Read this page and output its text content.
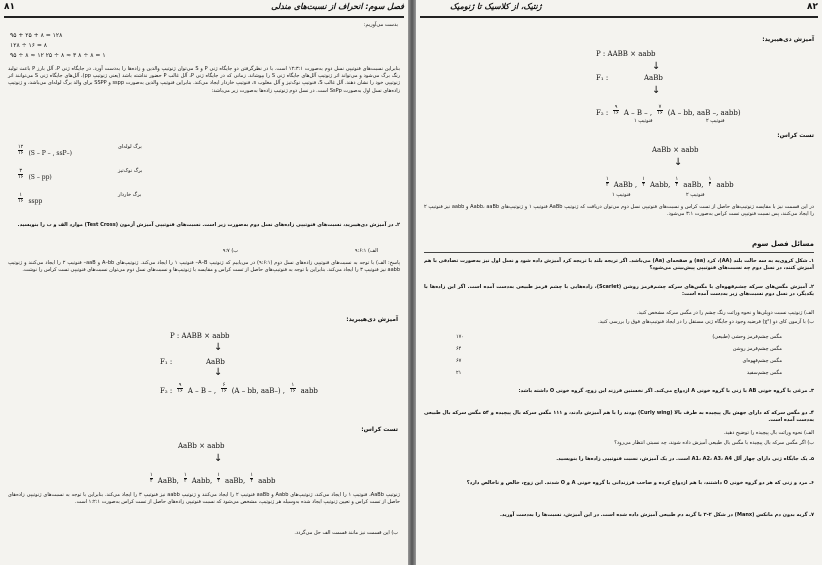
فصل سوم: انحراف از نسبت‌های مندلی
۸۱
بدست می‌آوریم:
۹۵ + ۲۵ + ۸ = ۱۲۸
۱۲۸ ÷ ۱۶ = ۸
۹۵ ÷ ۸ ≈ ۱۲ ۲۵ ÷ ۸ ≈ ۳ ۸ ÷ ۸ = ۱
بنابراین نسبت‌های فنوتیپی نسل دوم به‌صورت ۱۲:۳:۱ است. با در نظرگرفتن دو جایگاه ژنی P و S می‌توان ژنوتیپ والدین و زاده‌ها را به‌دست آورد. در جایگاه ژنی P، آلل بارز P باعث تولید رنگ برگ می‌شود و می‌تواند اثر ژنوتیپ آلل‌های جایگاه ژنی S را بپوشاند. زمانی که در جایگاه ژنی P، آلل غالب P حضور نداشته باشد (یعنی ژنوتیپ pp)، آلل‌های جایگاه ژنی S می‌توانند اثر ژنوتیپی خود را نشان دهند. آلل غالب S، فنوتیپ نوک‌تیز و آلل مغلوب s، فنوتیپ خاردار ایجاد می‌کند. بنابراین فنوتیپ والدین به‌صورت sspp و SSPP برای والد برگ لوله‌ای می‌باشد، و ژنوتیپ زاده‌های نسل اول به‌صورت SsPp است. در نسل دوم ژنوتیپ زاده‌ها به‌صورت زیر می‌باشد:
$\frac{۱۲}{۱۶} (S$ – P – , ssP–)
برگ لوله‌ای
$\frac{۳}{۱۶} (S - pp)$
برگ نوک‌تیز
$\frac{۱}{۱۶}$ sspp
برگ خاردار
۲ـ در آمیزش دی‌هیبرید، نسبت‌های فنوتیپی زاده‌های نسل دوم به‌صورت زیر است. نسبت‌های فنوتیپی آمیزش آزمون (Test Cross) موارد الف و ب را بنویسید.
الف) ۹:۶:۱
ب) ۹:۷
پاسخ: الف) با توجه به نسبت‌های فنوتیپی زاده‌های نسل دوم (۹:۶:۱) در می‌یابیم که ژنوتیپ A–B– فنوتیپ ۱ را ایجاد می‌کند. ژنوتیپ‌های A–bb و aaB– فنوتیپ ۲ را ایجاد می‌کنند و ژنوتیپ aabb نیز فنوتیپ ۳ را ایجاد می‌کند. بنابراین با توجه به فنوتیپ‌های حاصل از تست کراس و مقایسه با ژنوتیپ‌ها و نسبت‌های نسل دوم می‌توان نسبت‌های فنوتیپی تست کراس را نوشت.
آمیزش دی‌هیبرید:
P : AABB × aabb
↓
F₁ :	AaBb
↓
F₂ : $\frac{۹}{۱۶}$ A – B – , $\frac{۶}{۱۶} (A$ – bb, aaB–) , $\frac{۱}{۱۶}$ aabb
تست کراس:
AaBb × aabb
↓
$\frac{۱}{۴}$ AaBb, $\frac{۱}{۴}$ Aabb, $\frac{۱}{۴}$ aaBb, $\frac{۱}{۴}$ aabb
ژنوتیپ AaBb، فنوتیپ ۱ را ایجاد می‌کند، ژنوتیپ‌های Aabb و aaBb فنوتیپ ۲ را ایجاد می‌کنند و ژنوتیپ aabb نیز فنوتیپ ۳ را ایجاد می‌کند. بنابراین با توجه به نسبت‌های ژنوتیپی زاده‌های حاصل از تست کراس و تعیین ژنوتیپ ایجاد شده به‌وسیله هر ژنوتیپ، مشخص می‌شود که نسبت فنوتیپی زاده‌های حاصل از تست کراس به‌صورت ۱:۲:۱ است.
ب) این قسمت نیز مانند قسمت الف حل می‌گردد.
ژنتیک، از کلاسیک تا ژنومیک	۸۲
آمیزش دی‌هیبرید:
P : AABB × aabb
↓
F₁ :	AaBb
↓
F₂ : $\frac{۹}{۱۶}$ A – B – , $\frac{۷}{۱۶} (A$ – bb, aaB –, aabb)
فنوتیپ ۱	فنوتیپ ۲
تست کراس:
AaBb × aabb
↓
$\frac{۱}{۴}$ AaBb , $\frac{۱}{۴}$ Aabb, $\frac{۱}{۴}$ aaBb, $\frac{۱}{۴}$ aabb
فنوتیپ ۱	فنوتیپ ۲
در این قسمت نیز با مقایسه ژنوتیپ‌های حاصل از تست کراس و نسبت‌های فنوتیپی نسل دوم می‌توان دریافت که ژنوتیپ AaBb فنوتیپ ۱ و ژنوتیپ‌های Aabb، aaBb و aabb نیز فنوتیپ ۲ را ایجاد می‌کنند، پس نسبت فنوتیپی تست کراس به‌صورت ۳:۱ می‌شود.
مسائل فصل سوم
۱ـ شکل کروی‌یه به سه حالت بلند (AA)، کرد (aa) و صفحه‌ای (Aa) می‌باشد. اگر تریجه بلند با تریجه کرد آمیزش داده شود و نسل اول نیز به‌صورت تصادفی با هم آمیزش کنند، در نسل دوم چه نسبت‌های فنوتیپی پیش‌بینی می‌شود؟
۲ـ آمیزش مگس‌های سرکه چشم‌قهوه‌ای با مگس‌های سرکه چشم‌قرمز روشن (Scarlet)، زاده‌هایی با چشم قرمز طبیعی به‌دست آمده است. اگر این زاده‌ها با یکدیگر، در نسل دوم نسبت‌های زیر به‌دست آمده است:
الف) ژنوتیپ نسبت دوپلی‌ها و نحوه وراثت رنگ چشم را در مگس سرکه مشخص کنید.
ب) با آزمون کای دو (χ²) فرضیه وجود دو جایگاه ژنی مستقل را در ایجاد فنوتیپ‌های فوق را بررسی کنید.
مگس چشم‌قرمز وحشی (طبیعی)
۱۷۰
مگس چشم‌قرمز روشن
۶۴
مگس چشم‌قهوه‌ای
۶۷
مگس چشم‌سفید
۲۱
۳ـ مرغی با گروه خونی AB با زنی با گروه خونی A ازدواج می‌کند. اگر نخستین فرزند این زوج، گروه خونی O داشته باشد:
۴ـ دو مگس سرکه که دارای جهش بال پیچیده به طرف بالا (Curly wing) بودند را با هم آمیزش دادند، و ۱۱۱ مگس سرکه بال پیچیده و ۵۴ مگس سرکه بال طبیعی به‌دست آمده است.
الف) نحوه وراثت بال پیچیده را توضیح دهید.
ب) اگر مگس سرکه بال پیچیده با مگس بال طبیعی آمیزش داده شوند، چه نسبتی انتظار می‌رود؟
۵ـ یک جایگاه ژنی دارای چهار آلل A1، A2، A3، A4 است. در یک آمیزش، نسبت فنوتیپی زاده‌ها را بنویسید.
۶ـ مرد و زنی که هر دو گروه خونی O داشتند، با هم ازدواج کرده و صاحب فرزندانی با گروه خونی A و O شدند. این زوج، خالص و ناخالص دارد؟
۷ـ گربه بدون دم مانکس (Manx) در شکل ۲-۳ با گربه دم طبیعی آمیزش داده شده است. در این آمیزش، نسبت‌ها را به‌دست آورید.
